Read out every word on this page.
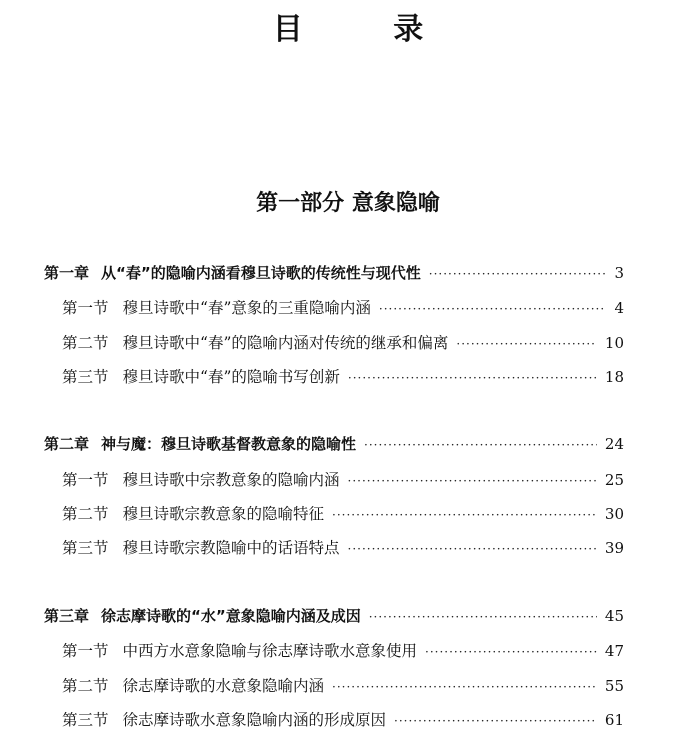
目 录
第一部分 意象隐喻
第一章 从“春”的隐喻内涵看穆旦诗歌的传统性与现代性 ·····	3
第一节 穆旦诗歌中“春”意象的三重隐喻内涵 ·····	4
第二节 穆旦诗歌中“春”的隐喻内涵对传统的继承和偏离 ·····	10
第三节 穆旦诗歌中“春”的隐喻书写创新 ·····	18
第二章 神与魔：穆旦诗歌基督教意象的隐喻性 ·····	24
第一节 穆旦诗歌中宗教意象的隐喻内涵 ·····	25
第二节 穆旦诗歌宗教意象的隐喻特征 ·····	30
第三节 穆旦诗歌宗教隐喻中的话语特点 ·····	39
第三章 徐志摩诗歌的“水”意象隐喻内涵及成因 ·····	45
第一节 中西方水意象隐喻与徐志摩诗歌水意象使用 ·····	47
第二节 徐志摩诗歌的水意象隐喻内涵 ·····	55
第三节 徐志摩诗歌水意象隐喻内涵的形成原因 ·····	61
